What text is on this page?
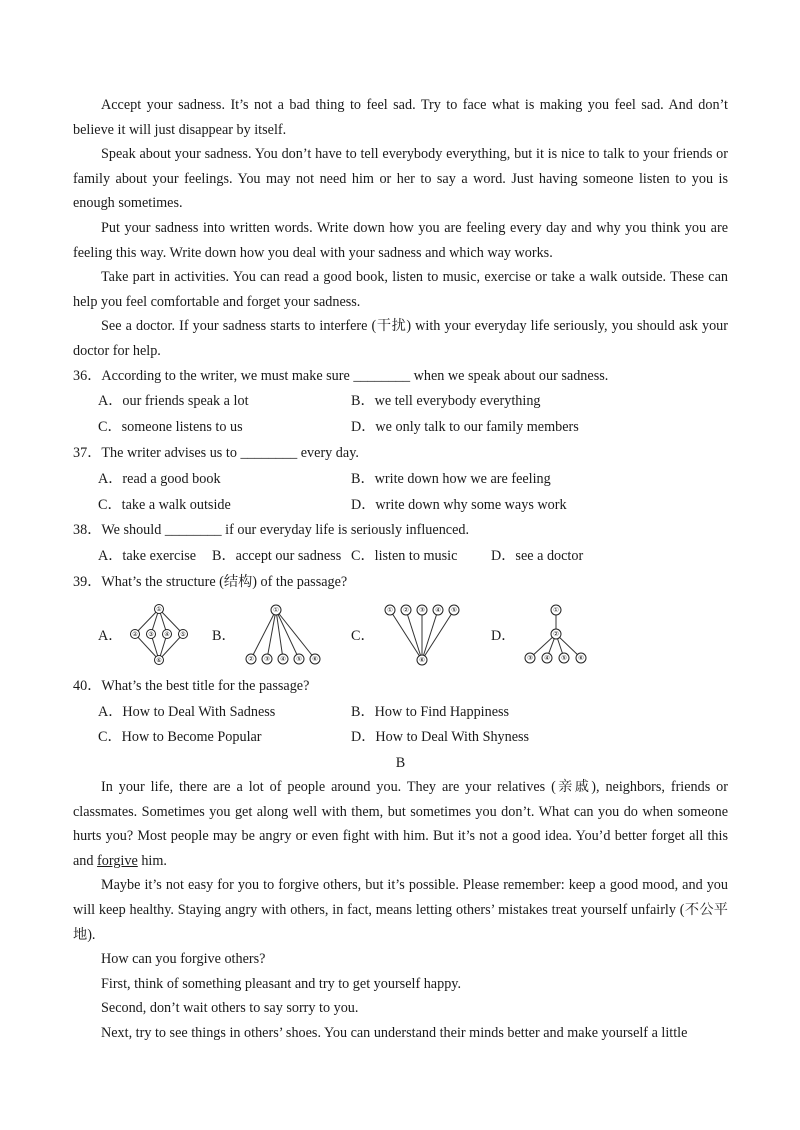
Accept your sadness. It’s not a bad thing to feel sad. Try to face what is making you feel sad. And don’t believe it will just disappear by itself.

Speak about your sadness. You don’t have to tell everybody everything, but it is nice to talk to your friends or family about your feelings. You may not need him or her to say a word. Just having someone listen to you is enough sometimes.

Put your sadness into written words. Write down how you are feeling every day and why you think you are feeling this way. Write down how you deal with your sadness and which way works.

Take part in activities. You can read a good book, listen to music, exercise or take a walk outside. These can help you feel comfortable and forget your sadness.

See a doctor. If your sadness starts to interfere (干扰) with your everyday life seriously, you should ask your doctor for help.

36．According to the writer, we must make sure ________ when we speak about our sadness.

A．our friends speak a lot	B．we tell everybody everything
C．someone listens to us	D．we only talk to our family members

37．The writer advises us to ________ every day.

A．read a good book	B．write down how we are feeling
C．take a walk outside	D．write down why some ways work

38．We should ________ if our everyday life is seriously influenced.

A．take exercise	B．accept our sadness C．listen to music	D．see a doctor

39．What’s the structure (结构) of the passage?

A．
①
② ③ ④ ⑤
⑥
B．
①
② ③ ④ ⑤ ⑥
C．
① ② ③ ④ ⑤
⑥
D．
①
②
③ ④ ⑤ ⑥

40．What’s the best title for the passage?

A．How to Deal With Sadness	B．How to Find Happiness
C．How to Become Popular	D．How to Deal With Shyness

B

In your life, there are a lot of people around you. They are your relatives (亲戚), neighbors, friends or classmates. Sometimes you get along well with them, but sometimes you don’t. What can you do when someone hurts you? Most people may be angry or even fight with him. But it’s not a good idea. You’d better forget all this and forgive him.

Maybe it’s not easy for you to forgive others, but it’s possible. Please remember: keep a good mood, and you will keep healthy. Staying angry with others, in fact, means letting others’ mistakes treat yourself unfairly (不公平地).

How can you forgive others?

First, think of something pleasant and try to get yourself happy.

Second, don’t wait others to say sorry to you.

Next, try to see things in others’ shoes. You can understand their minds better and make yourself a little
